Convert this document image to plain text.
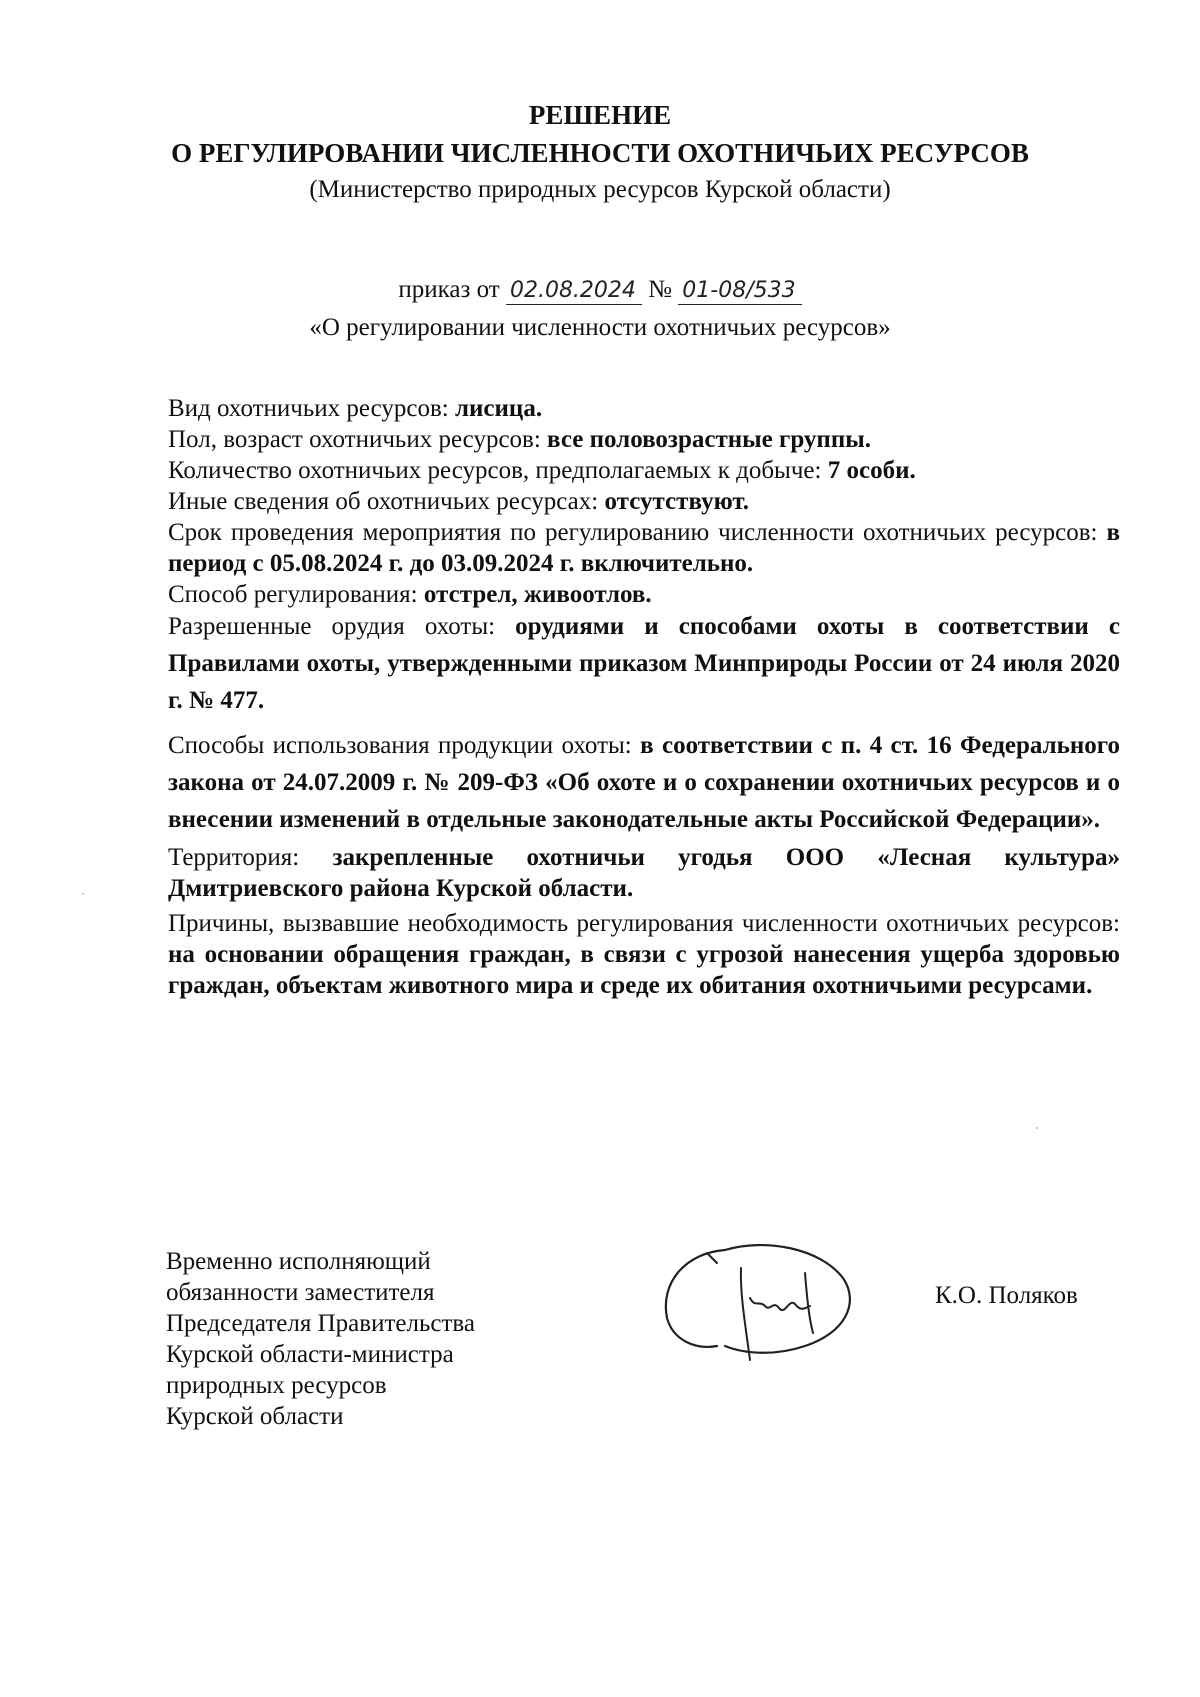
РЕШЕНИЕ
О РЕГУЛИРОВАНИИ ЧИСЛЕННОСТИ ОХОТНИЧЬИХ РЕСУРСОВ
(Министерство природных ресурсов Курской области)
приказ от 02.08.2024 № 01-08/533
«О регулировании численности охотничьих ресурсов»

Вид охотничьих ресурсов: лисица.

Пол, возраст охотничьих ресурсов: все половозрастные группы.

Количество охотничьих ресурсов, предполагаемых к добыче: 7 особи.

Иные сведения об охотничьих ресурсах: отсутствуют.

Срок проведения мероприятия по регулированию численности охотничьих ресурсов: в период с 05.08.2024 г. до 03.09.2024 г. включительно.

Способ регулирования: отстрел, живоотлов.

Разрешенные орудия охоты: орудиями и способами охоты в соответствии с Правилами охоты, утвержденными приказом Минприроды России от 24 июля 2020 г. № 477.

Способы использования продукции охоты: в соответствии с п. 4 ст. 16 Федерального закона от 24.07.2009 г. № 209-ФЗ «Об охоте и о сохранении охотничьих ресурсов и о внесении изменений в отдельные законодательные акты Российской Федерации».

Территория: закрепленные охотничьи угодья ООО «Лесная культура» Дмитриевского района Курской области.

Причины, вызвавшие необходимость регулирования численности охотничьих ресурсов: на основании обращения граждан, в связи с угрозой нанесения ущерба здоровью граждан, объектам животного мира и среде их обитания охотничьими ресурсами.

Временно исполняющий
обязанности заместителя
Председателя Правительства
Курской области-министра
природных ресурсов
Курской области
К.О. Поляков
